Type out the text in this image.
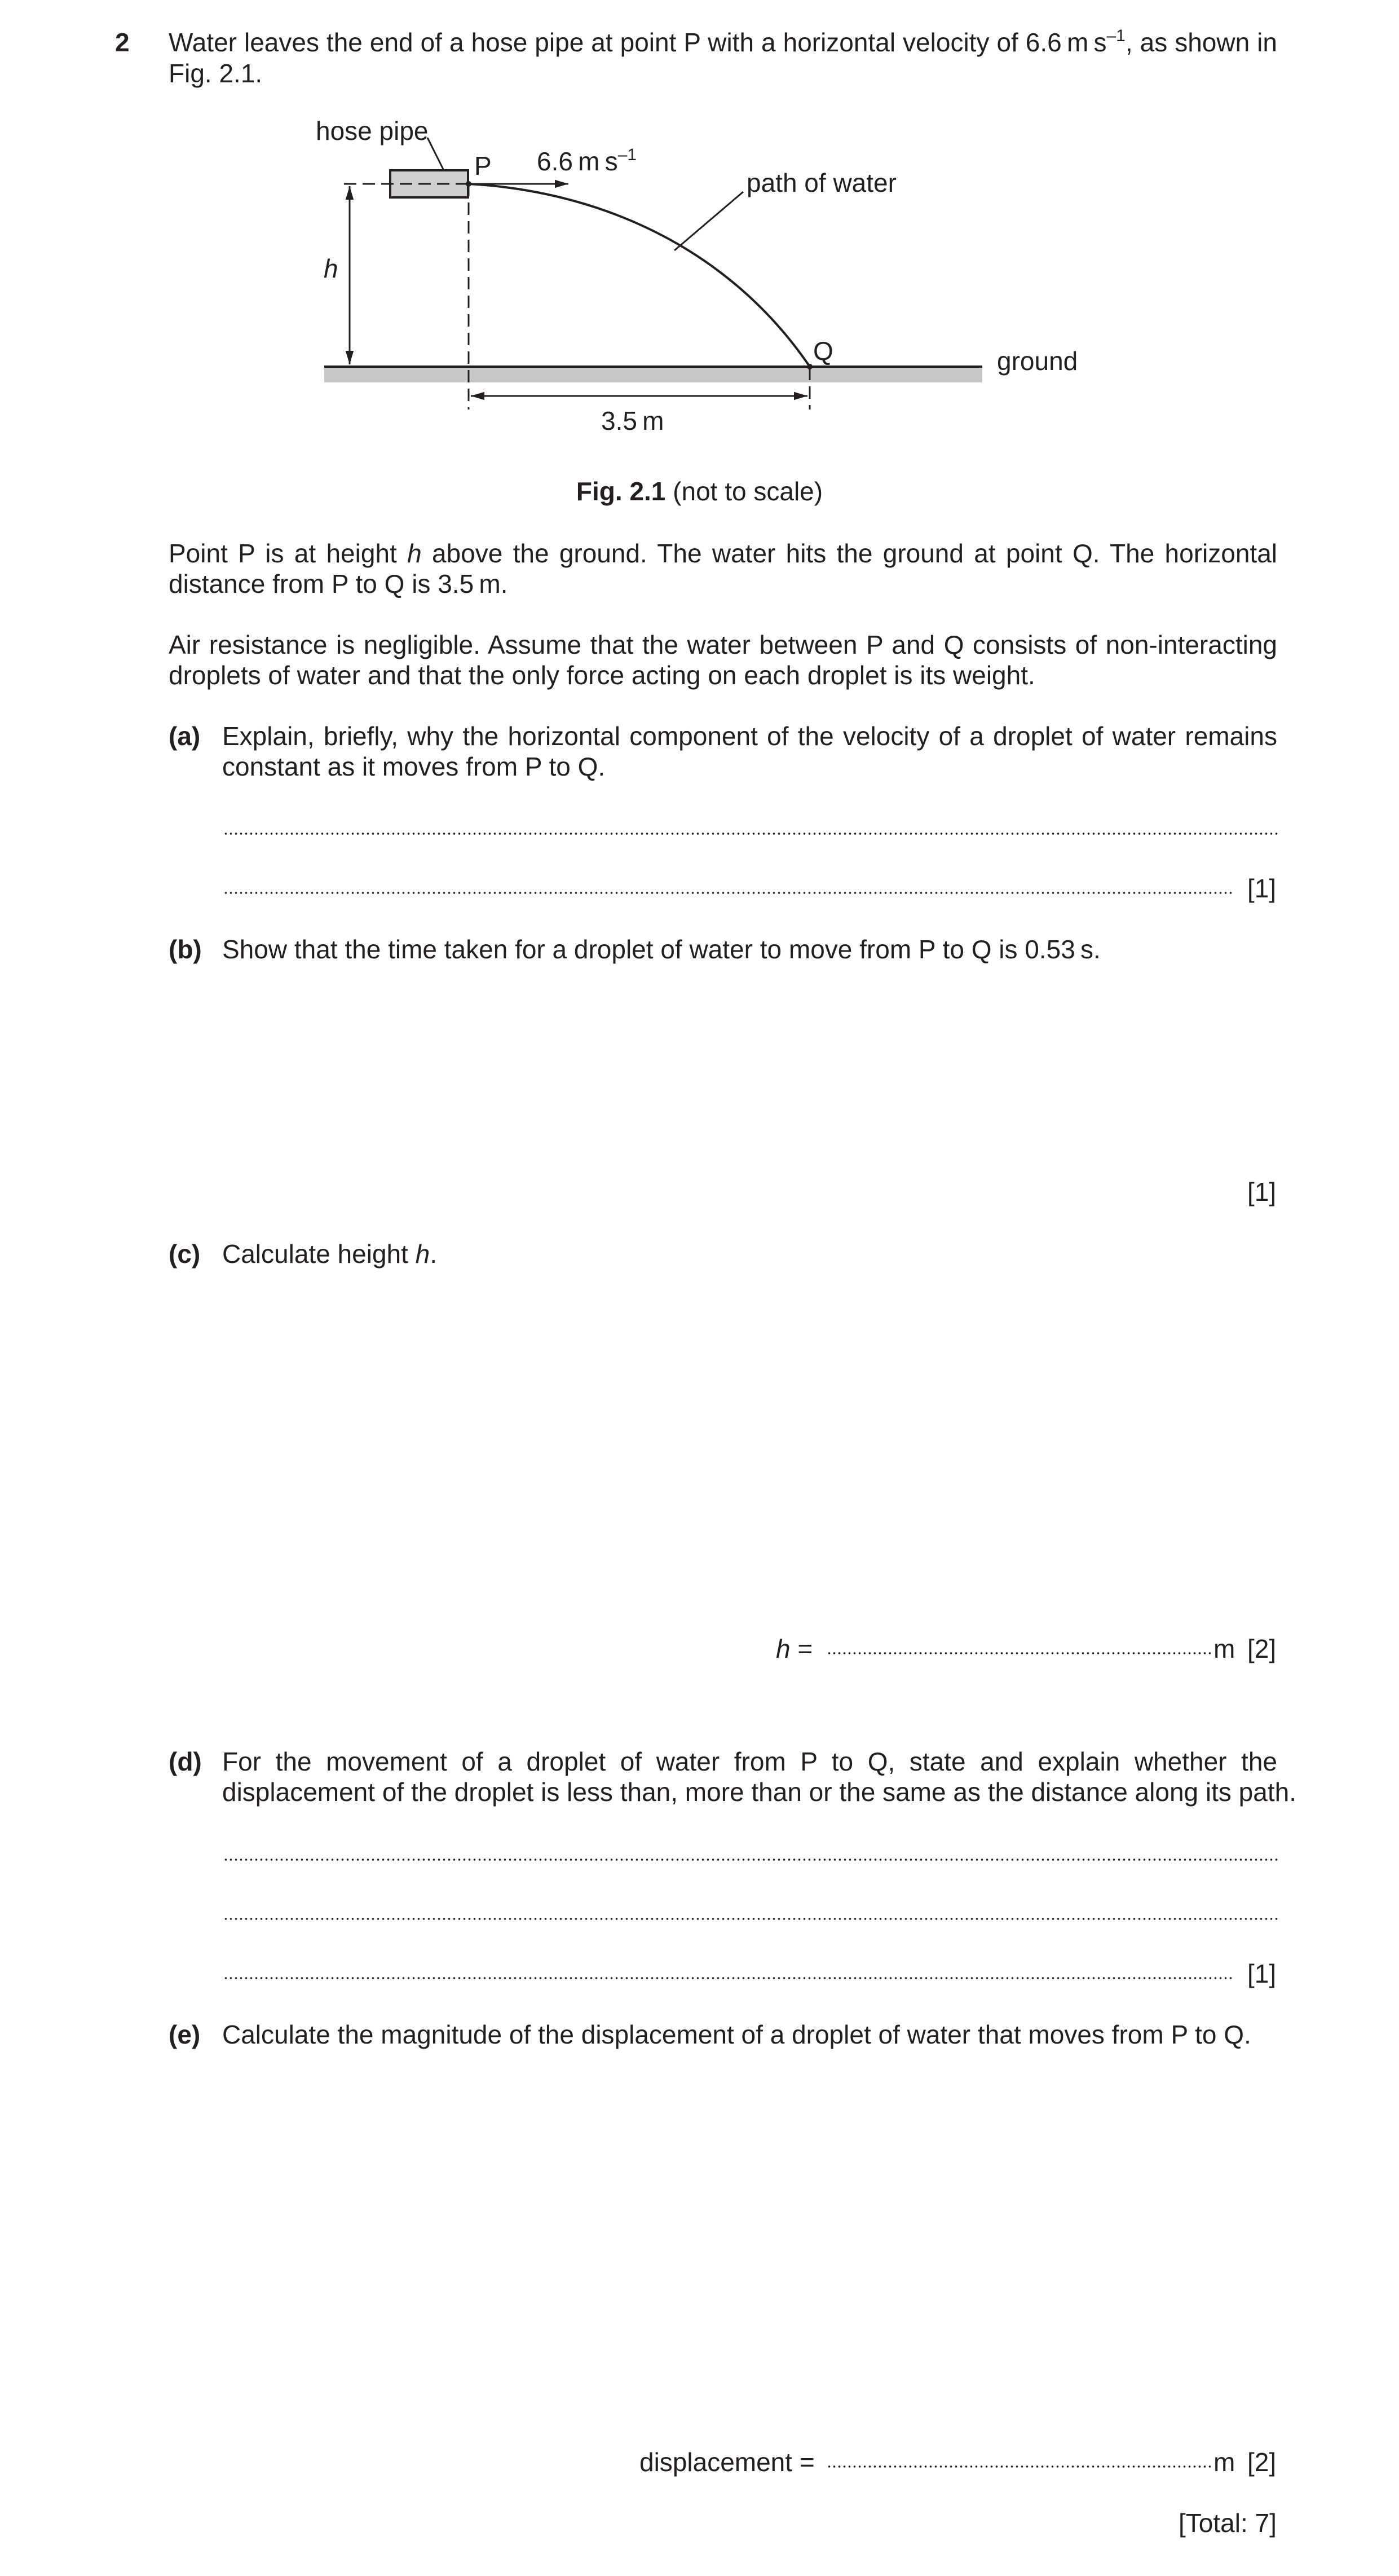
2 Water leaves the end of a hose pipe at point P with a horizontal velocity of 6.6 m $s^{-1}$, as shown in
Fig. 2.1.
hose pipe
P 6.6 m $s^{-1}$
path of water
h
Q	ground
3.5 m
Fig. 2.1 (not to scale)
Point P is at height h above the ground. The water hits the ground at point Q. The horizontal
distance from P to Q is 3.5 m.
Air resistance is negligible. Assume that the water between P and Q consists of non-interacting
droplets of water and that the only force acting on each droplet is its weight.
(a) Explain, briefly, why the horizontal component of the velocity of a droplet of water remains
constant as it moves from P to Q.
[1]
(b) Show that the time taken for a droplet of water to move from P to Q is 0.53 s.
[1]
(c) Calculate height h.
h =	m [2]
(d) For the movement of a droplet of water from P to Q, state and explain whether the
displacement of the droplet is less than, more than or the same as the distance along its path.
[1]
(e) Calculate the magnitude of the displacement of a droplet of water that moves from P to Q.
displacement =	m [2]
[Total: 7]
